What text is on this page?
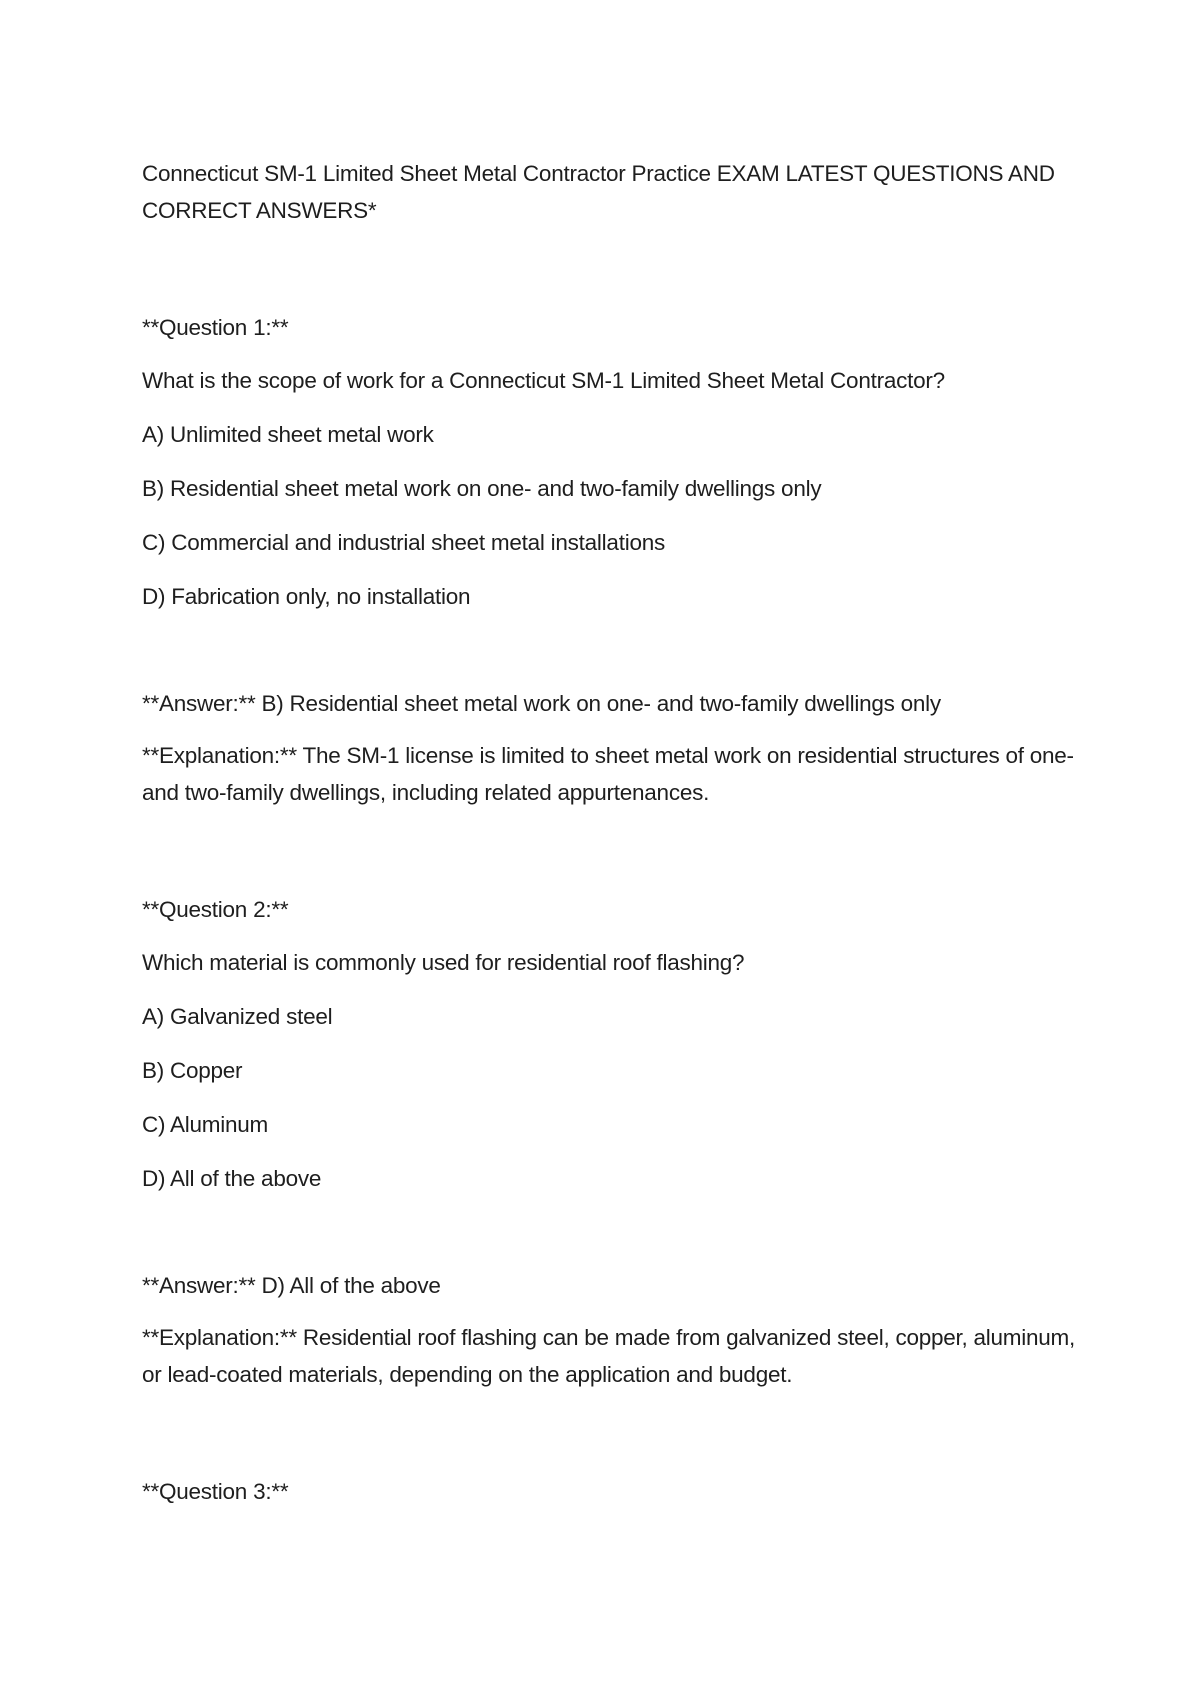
Connecticut SM-1 Limited Sheet Metal Contractor Practice EXAM LATEST QUESTIONS AND CORRECT ANSWERS*

**Question 1:**

What is the scope of work for a Connecticut SM-1 Limited Sheet Metal Contractor?

A) Unlimited sheet metal work

B) Residential sheet metal work on one- and two-family dwellings only

C) Commercial and industrial sheet metal installations

D) Fabrication only, no installation

**Answer:** B) Residential sheet metal work on one- and two-family dwellings only

**Explanation:** The SM-1 license is limited to sheet metal work on residential structures of one- and two-family dwellings, including related appurtenances.

**Question 2:**

Which material is commonly used for residential roof flashing?

A) Galvanized steel

B) Copper

C) Aluminum

D) All of the above

**Answer:** D) All of the above

**Explanation:** Residential roof flashing can be made from galvanized steel, copper, aluminum, or lead-coated materials, depending on the application and budget.

**Question 3:**
